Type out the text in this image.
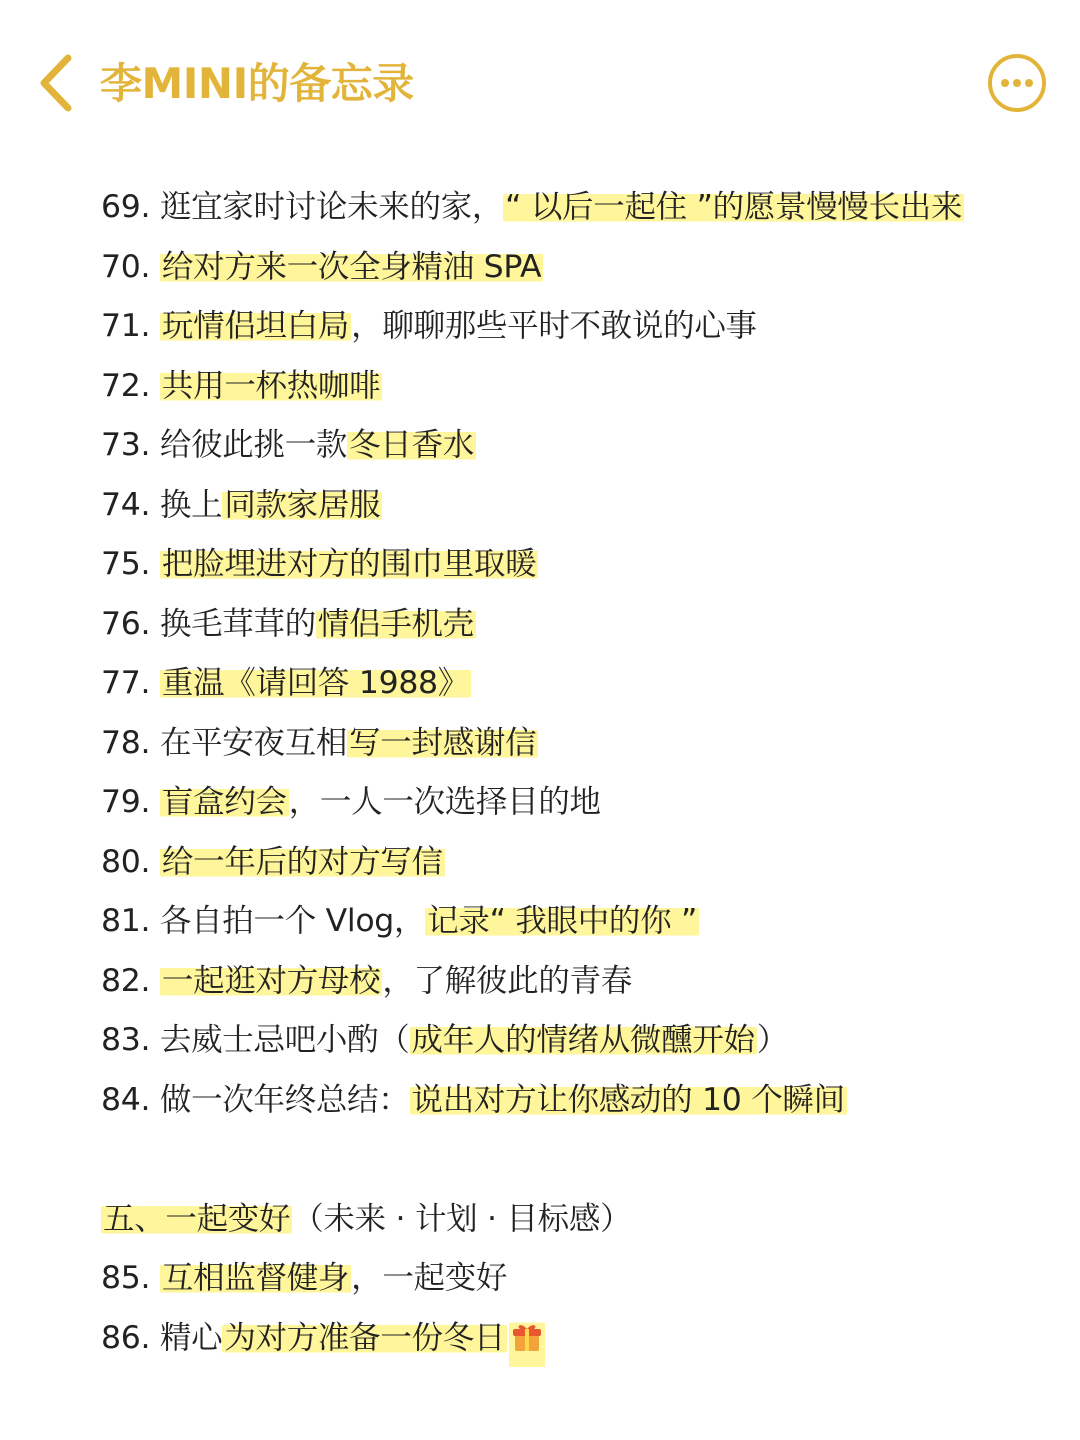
李MINI的备忘录
69. 逛宜家时讨论未来的家，“ 以后一起住 ”的愿景慢慢长出来
70. 给对方来一次全身精油 SPA
71. 玩情侣坦白局，聊聊那些平时不敢说的心事
72. 共用一杯热咖啡
73. 给彼此挑一款冬日香水
74. 换上同款家居服
75. 把脸埋进对方的围巾里取暖
76. 换毛茸茸的情侣手机壳
77. 重温《请回答 1988》
78. 在平安夜互相写一封感谢信
79. 盲盒约会，一人一次选择目的地
80. 给一年后的对方写信
81. 各自拍一个 Vlog，记录“ 我眼中的你 ”
82. 一起逛对方母校，了解彼此的青春
83. 去威士忌吧小酌（成年人的情绪从微醺开始）
84. 做一次年终总结：说出对方让你感动的 10 个瞬间
五、一起变好（未来 · 计划 · 目标感）
85. 互相监督健身，一起变好
86. 精心为对方准备一份冬日
